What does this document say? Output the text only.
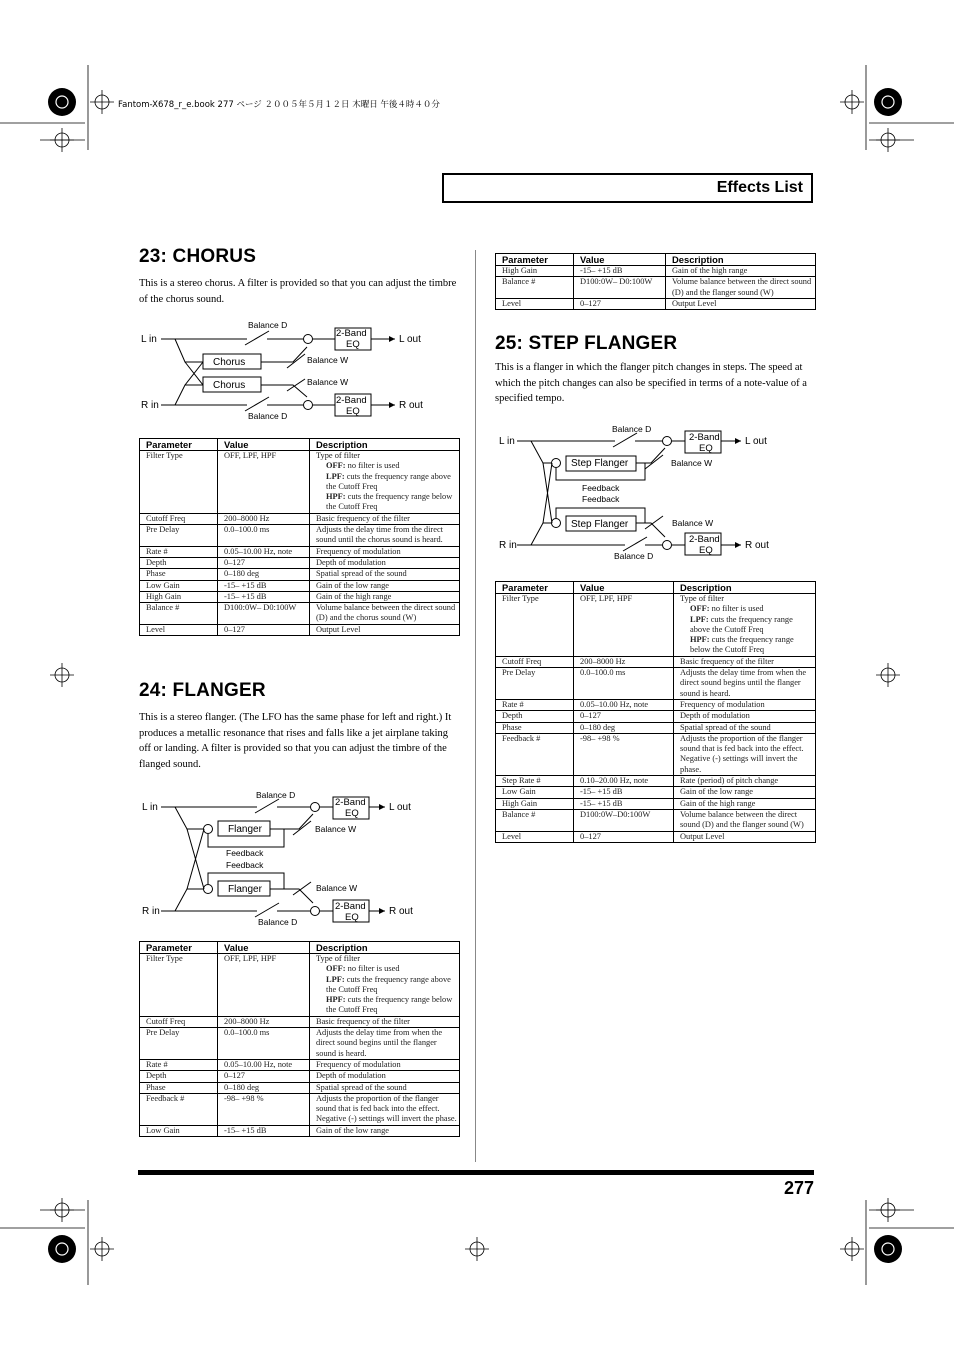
Fantom-X678_r_e.book 277 ページ ２００５年５月１２日 木曜日 午後４時４０分
Effects List
23: CHORUS
This is a stereo chorus. A filter is provided so that you can adjust the timbre of the chorus sound.
L in
R in
L out
R out
Chorus
Chorus
2-Band
EQ
2-Band
EQ
Balance D
Balance D
Balance W
Balance W
Parameter	Value	Description
Filter Type	OFF, LPF, HPF	Type of filter
OFF: no filter is used
LPF: cuts the frequency range above the Cutoff Freq
HPF: cuts the frequency range below the Cutoff Freq

Cutoff Freq	200–8000 Hz	Basic frequency of the filter
Pre Delay	0.0–100.0 ms	Adjusts the delay time from the direct sound until the chorus sound is heard.
Rate #	0.05–10.00 Hz, note	Frequency of modulation
Depth	0–127	Depth of modulation
Phase	0–180 deg	Spatial spread of the sound
Low Gain	-15– +15 dB	Gain of the low range
High Gain	-15– +15 dB	Gain of the high range
Balance #	D100:0W– D0:100W	Volume balance between the direct sound (D) and the chorus sound (W)
Level	0–127	Output Level
24: FLANGER
This is a stereo flanger. (The LFO has the same phase for left and right.) It produces a metallic resonance that rises and falls like a jet airplane taking off or landing. A filter is provided so that you can adjust the timbre of the flanged sound.
L in
R in
L out
R out
Flanger
Flanger
2-Band
EQ
2-Band
EQ
Balance D
Balance D
Balance W
Balance W
Feedback
Feedback
Parameter	Value	Description
Filter Type	OFF, LPF, HPF	Type of filter
OFF: no filter is used
LPF: cuts the frequency range above the Cutoff Freq
HPF: cuts the frequency range below the Cutoff Freq

Cutoff Freq	200–8000 Hz	Basic frequency of the filter
Pre Delay	0.0–100.0 ms	Adjusts the delay time from when the direct sound begins until the flanger sound is heard.
Rate #	0.05–10.00 Hz, note	Frequency of modulation
Depth	0–127	Depth of modulation
Phase	0–180 deg	Spatial spread of the sound
Feedback #	-98– +98 %	Adjusts the proportion of the flanger sound that is fed back into the effect. Negative (-) settings will invert the phase.
Low Gain	-15– +15 dB	Gain of the low range
Parameter	Value	Description
High Gain	-15– +15 dB	Gain of the high range
Balance #	D100:0W– D0:100W	Volume balance between the direct sound (D) and the flanger sound (W)
Level	0–127	Output Level
25: STEP FLANGER
This is a flanger in which the flanger pitch changes in steps. The speed at which the pitch changes can also be specified in terms of a note-value of a specified tempo.
L in
R in
L out
R out
Step Flanger
Step Flanger
2-Band
EQ
2-Band
EQ
Balance D
Balance D
Balance W
Balance W
Feedback
Feedback
Parameter	Value	Description
Filter Type	OFF, LPF, HPF	Type of filter
OFF: no filter is used
LPF: cuts the frequency range above the Cutoff Freq
HPF: cuts the frequency range below the Cutoff Freq

Cutoff Freq	200–8000 Hz	Basic frequency of the filter
Pre Delay	0.0–100.0 ms	Adjusts the delay time from when the direct sound begins until the flanger sound is heard.
Rate #	0.05–10.00 Hz, note	Frequency of modulation
Depth	0–127	Depth of modulation
Phase	0–180 deg	Spatial spread of the sound
Feedback #	-98– +98 %	Adjusts the proportion of the flanger sound that is fed back into the effect. Negative (-) settings will invert the phase.
Step Rate #	0.10–20.00 Hz, note	Rate (period) of pitch change
Low Gain	-15– +15 dB	Gain of the low range
High Gain	-15– +15 dB	Gain of the high range
Balance #	D100:0W–D0:100W	Volume balance between the direct sound (D) and the flanger sound (W)
Level	0–127	Output Level
277
